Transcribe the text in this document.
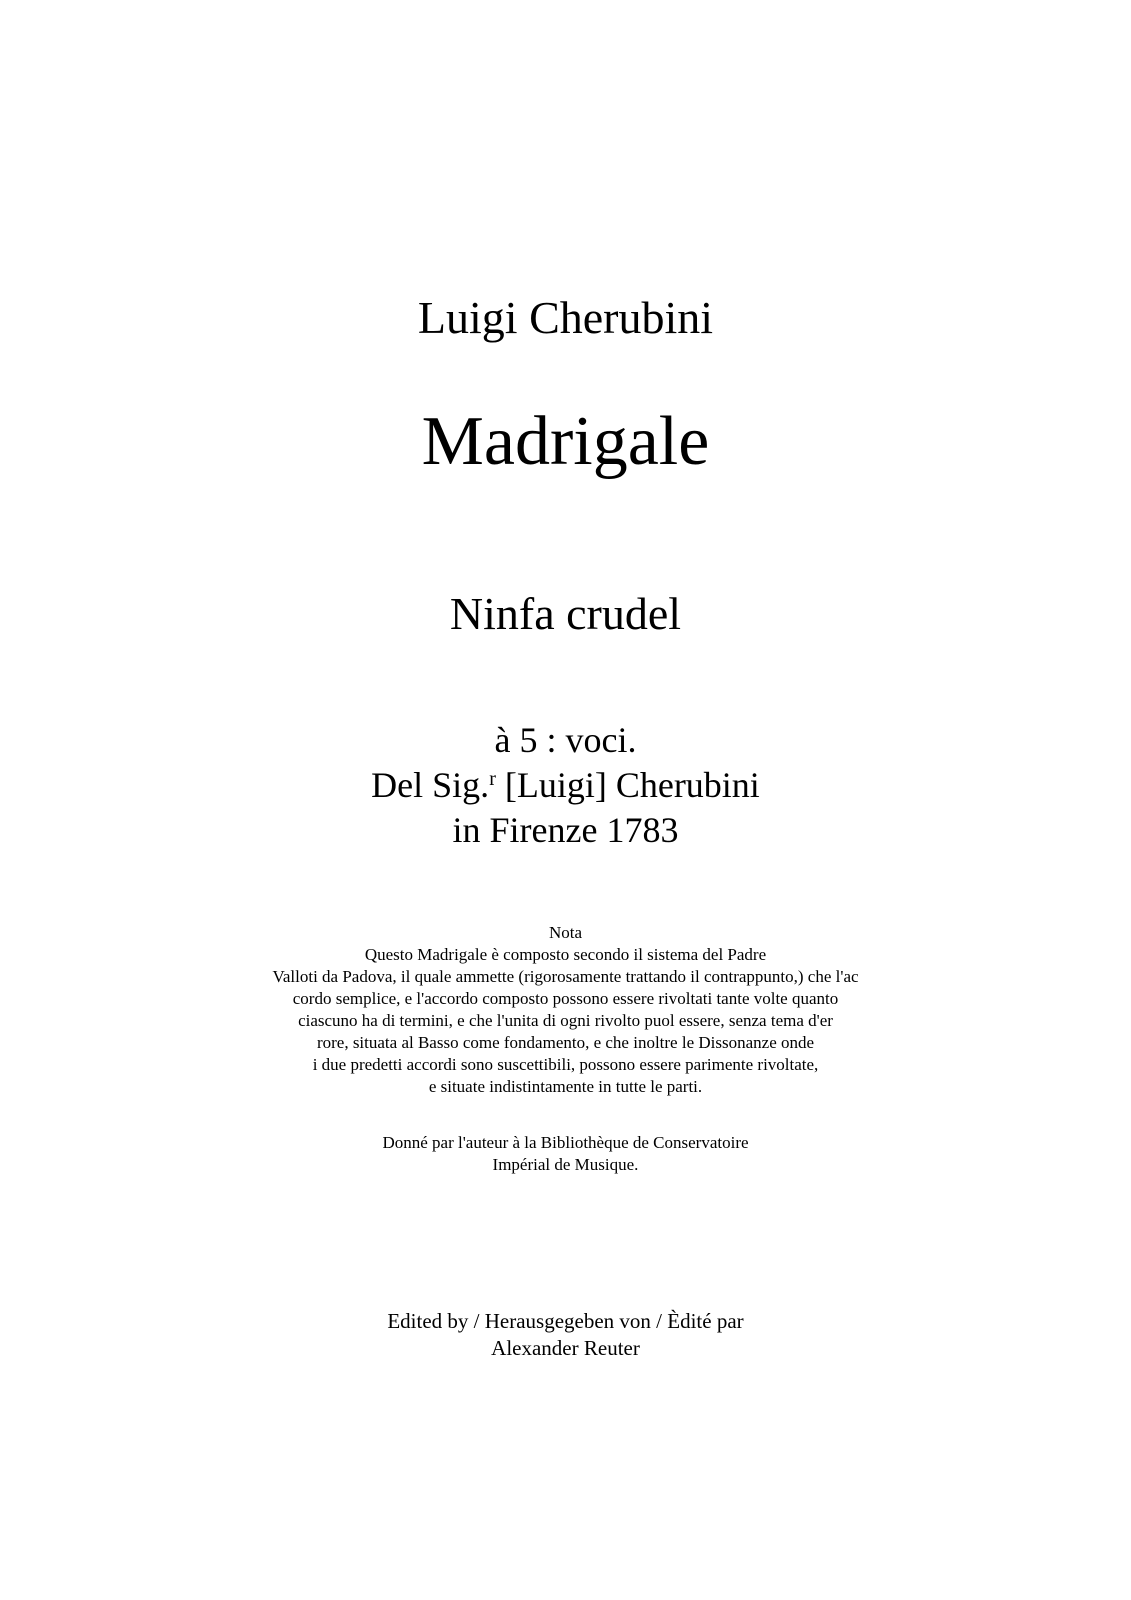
Luigi Cherubini
Madrigale
Ninfa crudel
à 5 : voci.
Del Sig.$^r$ [Luigi] Cherubini
in Firenze 1783
Nota
Questo Madrigale è composto secondo il sistema del Padre
Valloti da Padova, il quale ammette (rigorosamente trattando il contrappunto,) che l'ac
cordo semplice, e l'accordo composto possono essere rivoltati tante volte quanto
ciascuno ha di termini, e che l'unita di ogni rivolto puol essere, senza tema d'er
rore, situata al Basso come fondamento, e che inoltre le Dissonanze onde
i due predetti accordi sono suscettibili, possono essere parimente rivoltate,
e situate indistintamente in tutte le parti.
Donné par l'auteur à la Bibliothèque de Conservatoire
Impérial de Musique.
Edited by / Herausgegeben von / Èdité par
Alexander Reuter
